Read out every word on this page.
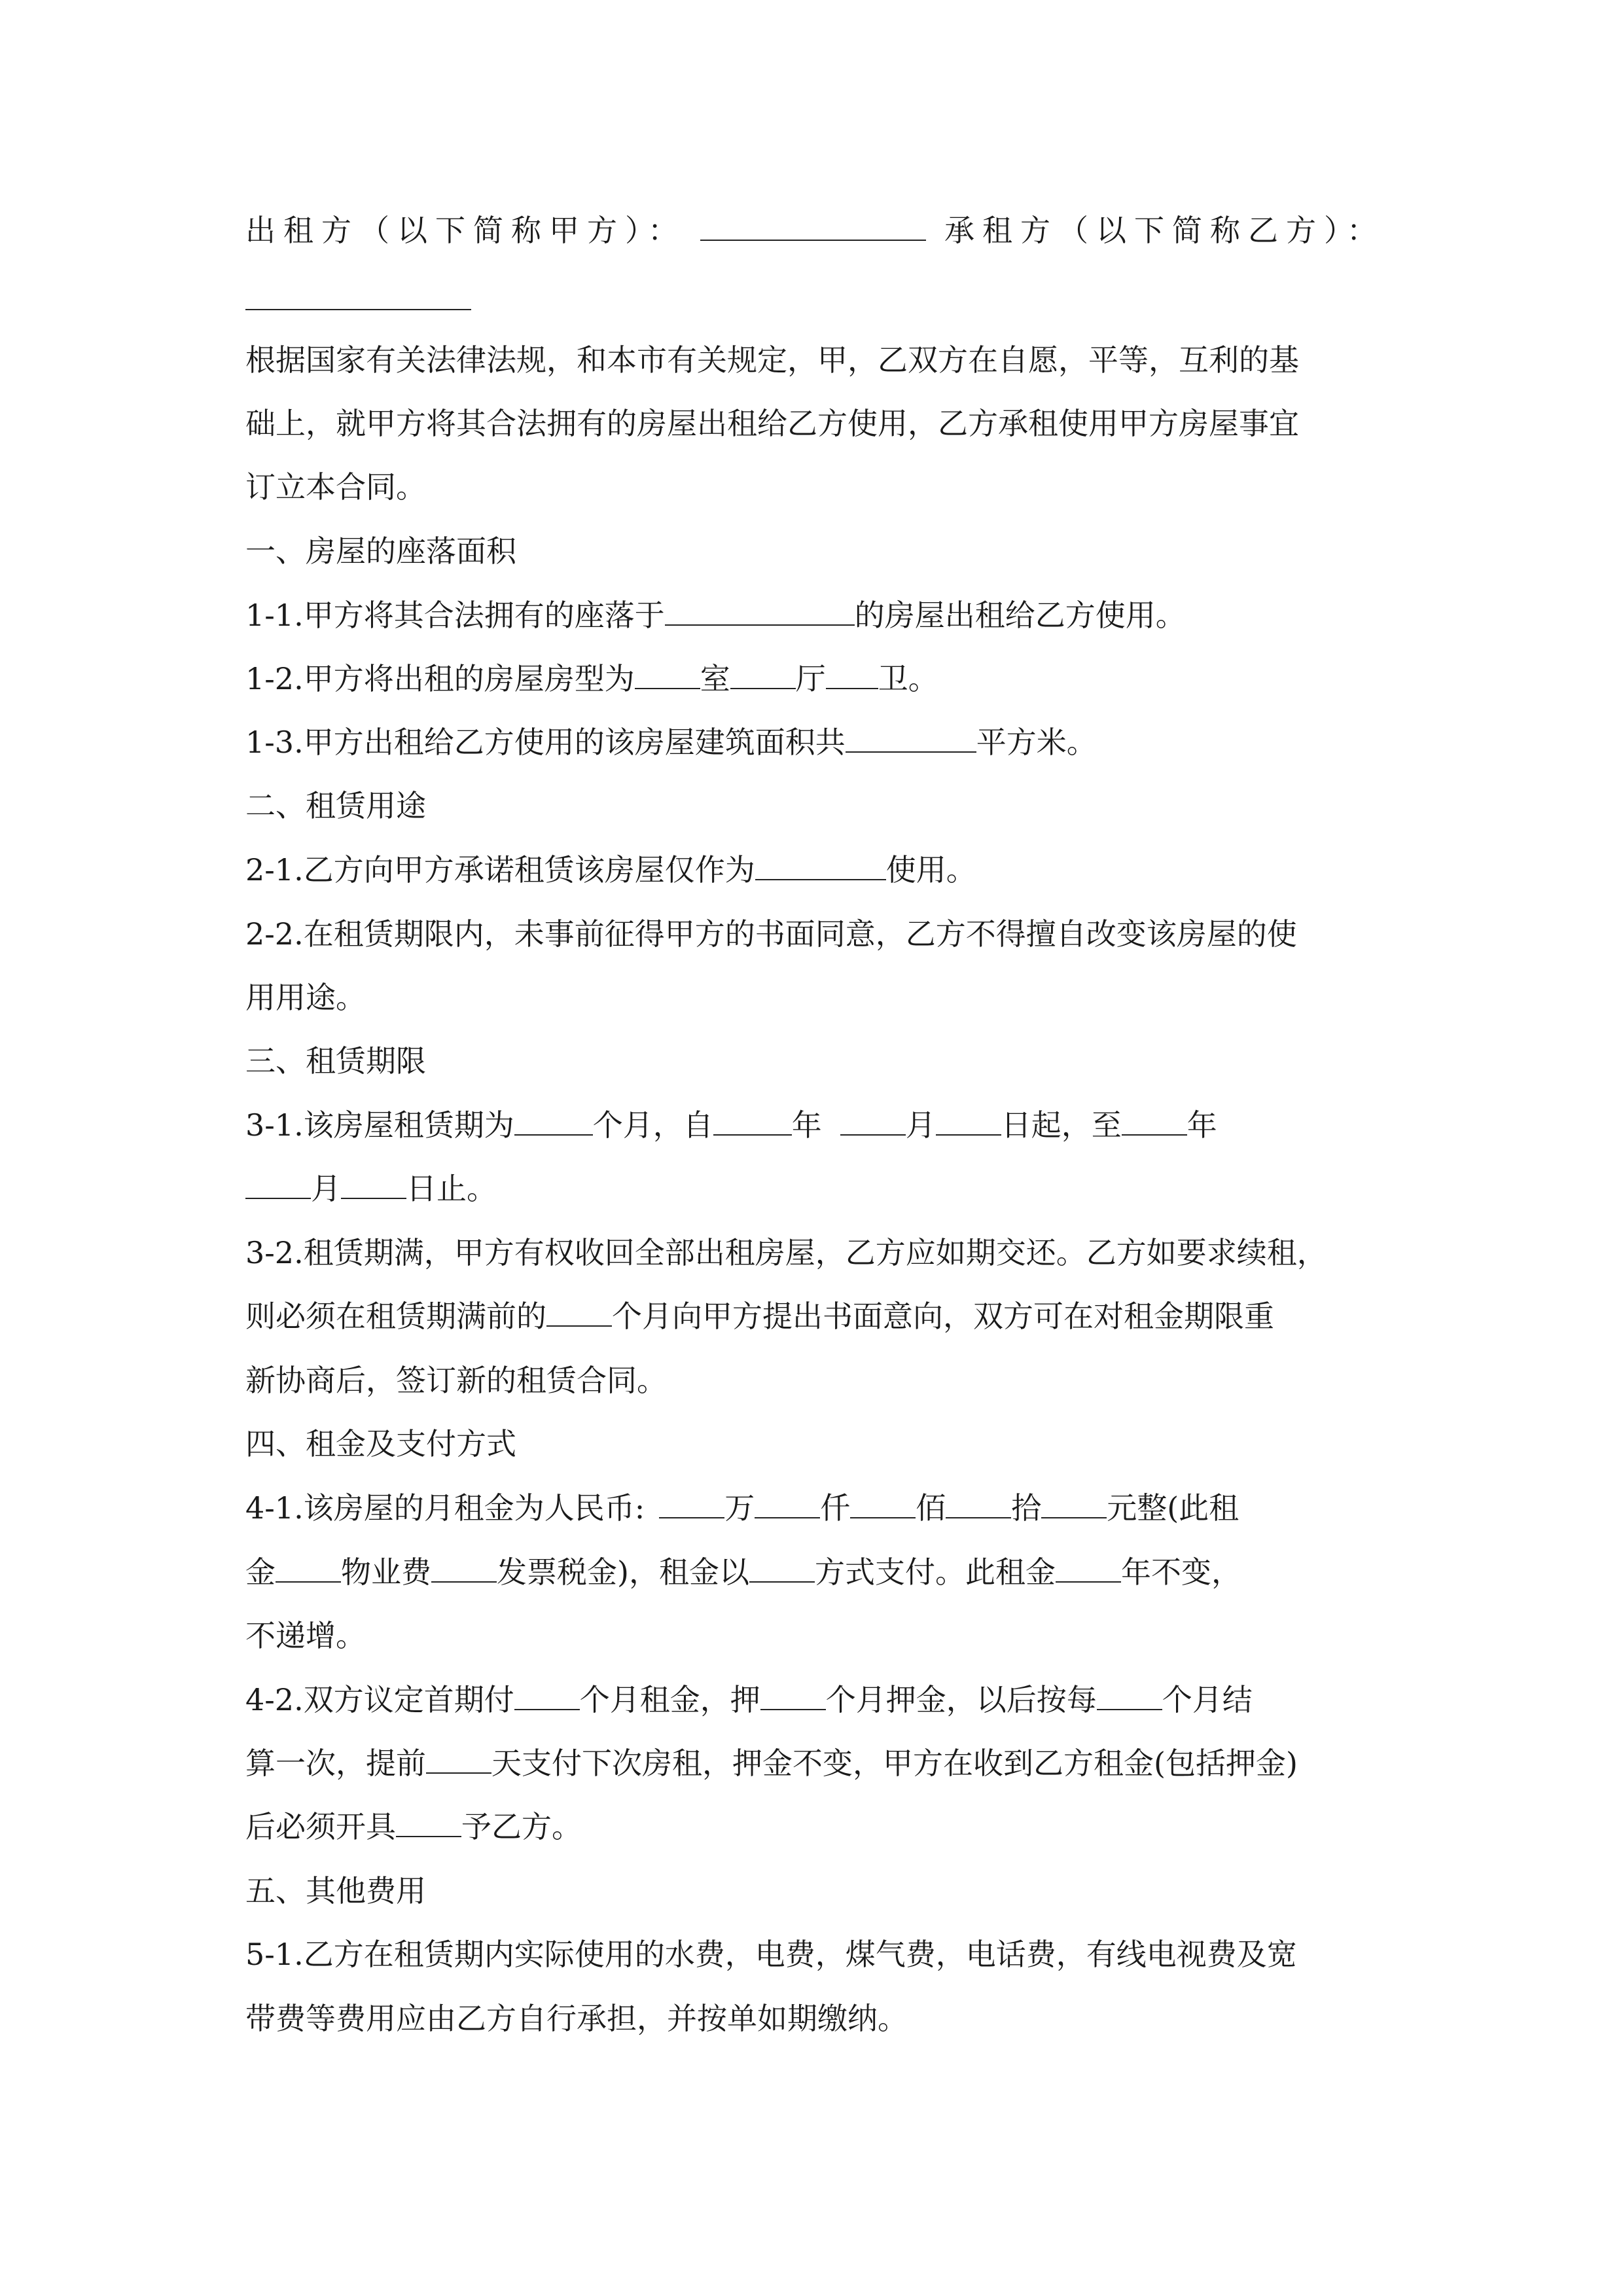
出租方（以下简称甲方）：	承租方（以下简称乙方）：
根据国家有关法律法规，和本市有关规定，甲，乙双方在自愿，平等，互利的基
础上，就甲方将其合法拥有的房屋出租给乙方使用，乙方承租使用甲方房屋事宜
订立本合同。
一、房屋的座落面积
1-1.甲方将其合法拥有的座落于	的房屋出租给乙方使用。
1-2.甲方将出租的房屋房型为 室 厅 卫。
1-3.甲方出租给乙方使用的该房屋建筑面积共	平方米。
二、租赁用途
2-1.乙方向甲方承诺租赁该房屋仅作为	使用。
2-2.在租赁期限内，未事前征得甲方的书面同意，乙方不得擅自改变该房屋的使
用用途。
三、租赁期限
3-1.该房屋租赁期为	个月，自	年	月 日起，至 年
月 日止。
3-2.租赁期满，甲方有权收回全部出租房屋，乙方应如期交还。乙方如要求续租，
则必须在租赁期满前的 个月向甲方提出书面意向，双方可在对租金期限重
新协商后，签订新的租赁合同。
四、租金及支付方式
4-1.该房屋的月租金为人民币:	万 仟 佰 拾 元整(此租
金 物业费 发票税金)，租金以 方式支付。此租金 年不变，
不递增。
4-2.双方议定首期付 个月租金，押 个月押金，以后按每 个月结
算一次，提前 天支付下次房租，押金不变，甲方在收到乙方租金(包括押金)
后必须开具 予乙方。
五、其他费用
5-1.乙方在租赁期内实际使用的水费，电费，煤气费，电话费，有线电视费及宽
带费等费用应由乙方自行承担，并按单如期缴纳。
